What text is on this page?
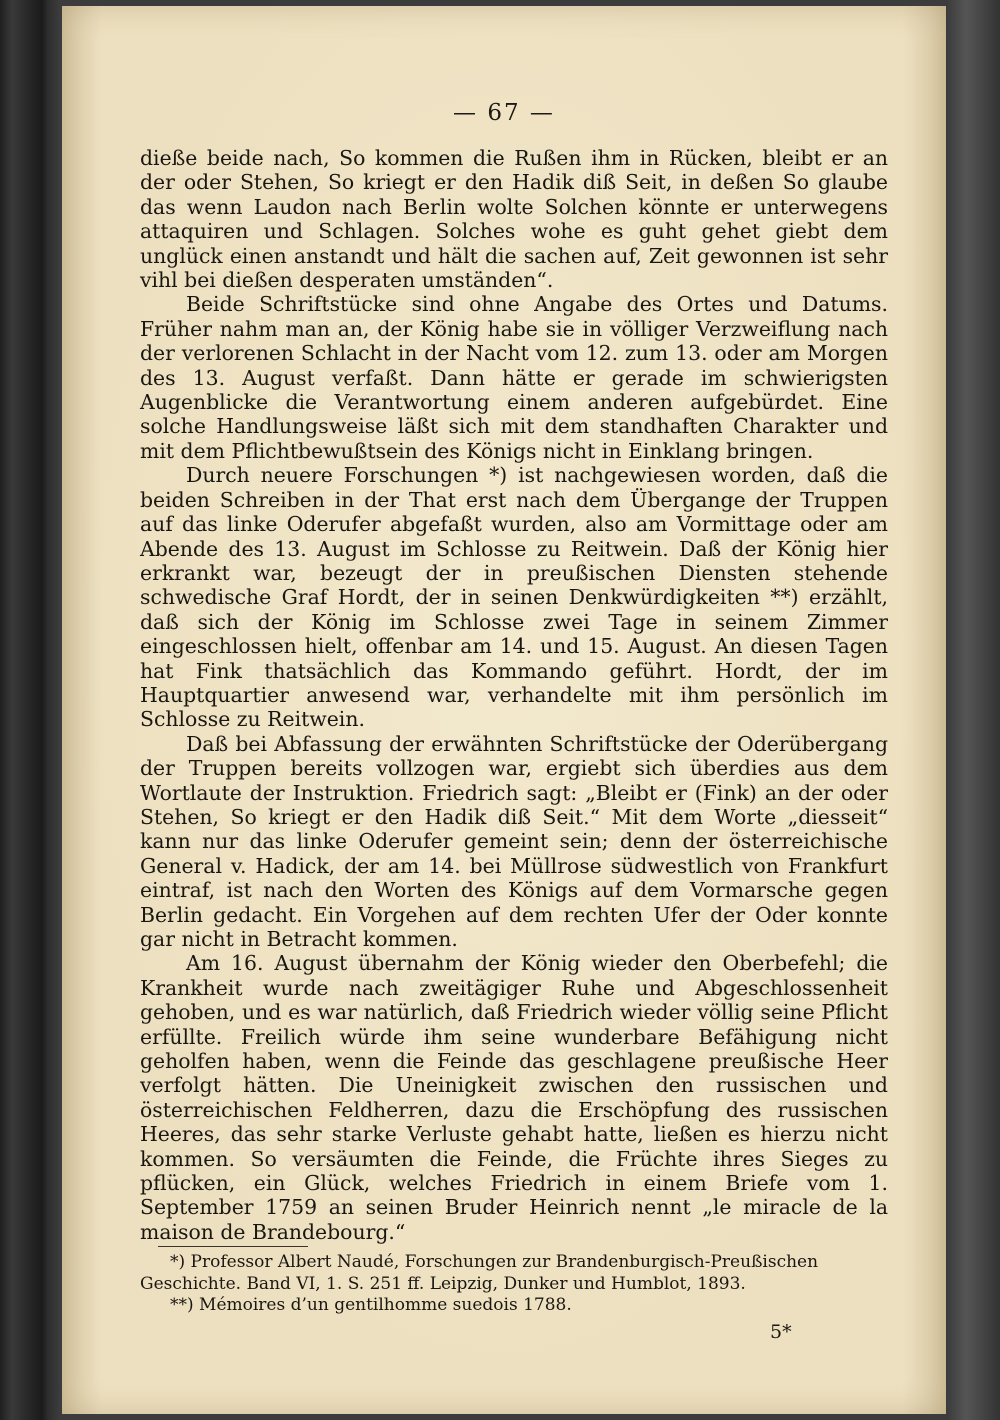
— 67 —

dieße beide nach, So kommen die Rußen ihm in Rücken, bleibt er an der oder Stehen, So kriegt er den Hadik diß Seit, in deßen So glaube das wenn Laudon nach Berlin wolte Solchen könnte er unterwegens attaquiren und Schlagen. Solches wohe es guht gehet giebt dem unglück einen anstandt und hält die sachen auf, Zeit gewonnen ist sehr vihl bei dießen desperaten umständen“.

Beide Schriftstücke sind ohne Angabe des Ortes und Datums. Früher nahm man an, der König habe sie in völliger Verzweiflung nach der verlorenen Schlacht in der Nacht vom 12. zum 13. oder am Morgen des 13. August verfaßt. Dann hätte er gerade im schwierigsten Augenblicke die Verantwortung einem anderen aufgebürdet. Eine solche Handlungsweise läßt sich mit dem standhaften Charakter und mit dem Pflichtbewußtsein des Königs nicht in Einklang bringen.

Durch neuere Forschungen *) ist nachgewiesen worden, daß die beiden Schreiben in der That erst nach dem Übergange der Truppen auf das linke Oderufer abgefaßt wurden, also am Vormittage oder am Abende des 13. August im Schlosse zu Reitwein. Daß der König hier erkrankt war, bezeugt der in preußischen Diensten stehende schwedische Graf Hordt, der in seinen Denkwürdigkeiten **) erzählt, daß sich der König im Schlosse zwei Tage in seinem Zimmer eingeschlossen hielt, offenbar am 14. und 15. August. An diesen Tagen hat Fink thatsächlich das Kommando geführt. Hordt, der im Hauptquartier anwesend war, verhandelte mit ihm persönlich im Schlosse zu Reitwein.

Daß bei Abfassung der erwähnten Schriftstücke der Oderübergang der Truppen bereits vollzogen war, ergiebt sich überdies aus dem Wortlaute der Instruktion. Friedrich sagt: „Bleibt er (Fink) an der oder Stehen, So kriegt er den Hadik diß Seit.“ Mit dem Worte „diesseit“ kann nur das linke Oderufer gemeint sein; denn der österreichische General v. Hadick, der am 14. bei Müllrose südwestlich von Frankfurt eintraf, ist nach den Worten des Königs auf dem Vormarsche gegen Berlin gedacht. Ein Vorgehen auf dem rechten Ufer der Oder konnte gar nicht in Betracht kommen.

Am 16. August übernahm der König wieder den Oberbefehl; die Krankheit wurde nach zweitägiger Ruhe und Abgeschlossenheit gehoben, und es war natürlich, daß Friedrich wieder völlig seine Pflicht erfüllte. Freilich würde ihm seine wunderbare Befähigung nicht geholfen haben, wenn die Feinde das geschlagene preußische Heer verfolgt hätten. Die Uneinigkeit zwischen den russischen und österreichischen Feldherren, dazu die Erschöpfung des russischen Heeres, das sehr starke Verluste gehabt hatte, ließen es hierzu nicht kommen. So versäumten die Feinde, die Früchte ihres Sieges zu pflücken, ein Glück, welches Friedrich in einem Briefe vom 1. September 1759 an seinen Bruder Heinrich nennt „le miracle de la maison de Brandebourg.“

*) Professor Albert Naudé, Forschungen zur Brandenburgisch-Preußischen Geschichte. Band VI, 1. S. 251 ff. Leipzig, Dunker und Humblot, 1893.

**) Mémoires d’un gentilhomme suedois 1788.

5*
